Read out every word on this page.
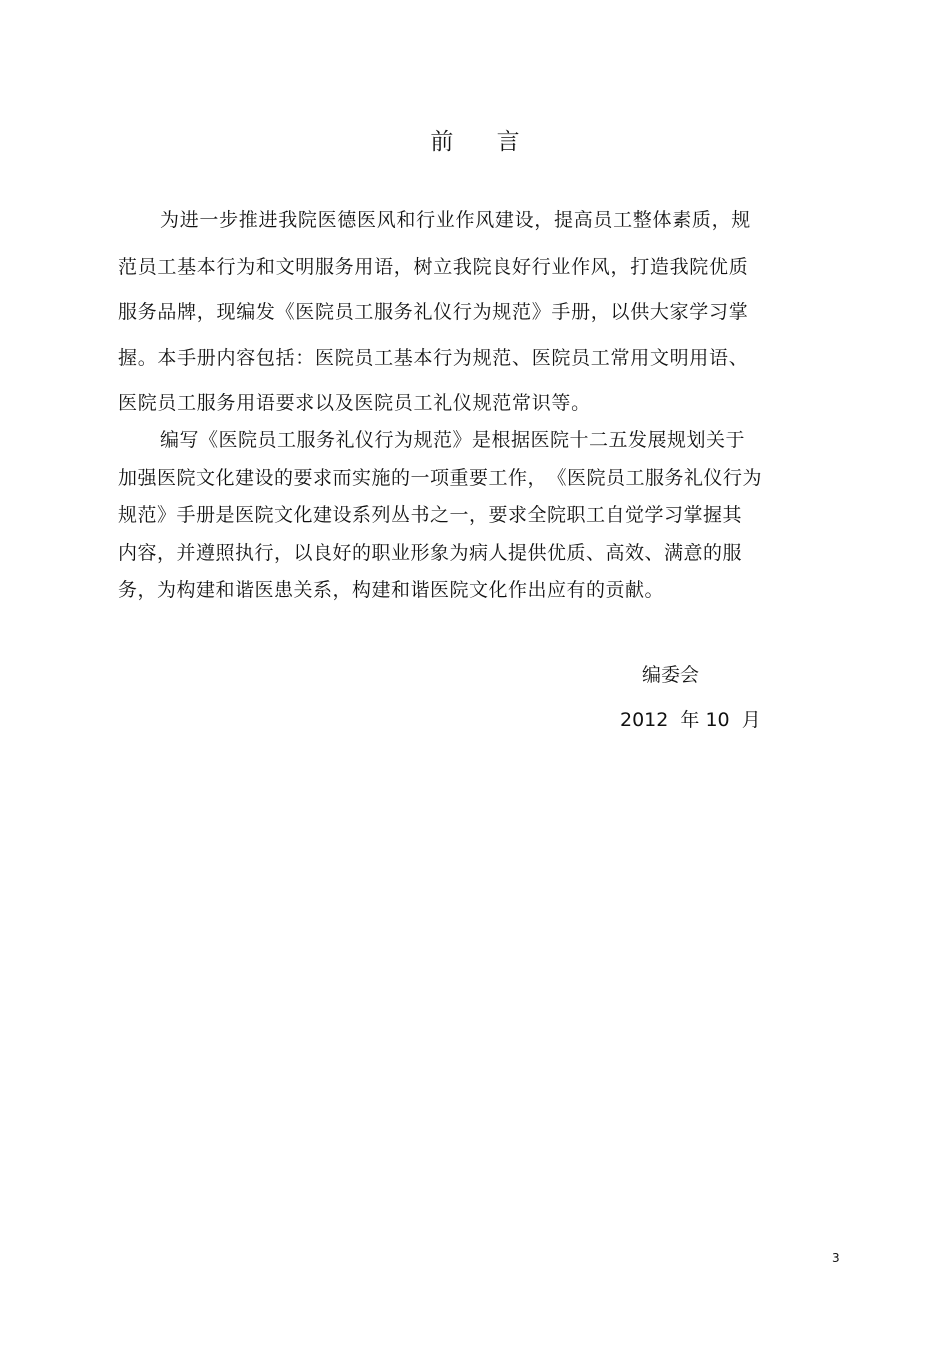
前 言
为进一步推进我院医德医风和行业作风建设，提高员工整体素质，规
范员工基本行为和文明服务用语，树立我院良好行业作风，打造我院优质
服务品牌，现编发《医院员工服务礼仪行为规范》手册，以供大家学习掌
握。本手册内容包括：医院员工基本行为规范、医院员工常用文明用语、
医院员工服务用语要求以及医院员工礼仪规范常识等。
编写《医院员工服务礼仪行为规范》是根据医院十二五发展规划关于
加强医院文化建设的要求而实施的一项重要工作，　《医院员工服务礼仪行为
规范》手册是医院文化建设系列丛书之一，要求全院职工自觉学习掌握其
内容，并遵照执行，以良好的职业形象为病人提供优质、高效、满意的服
务，为构建和谐医患关系，构建和谐医院文化作出应有的贡献。
编委会
2012  年 10  月
3
